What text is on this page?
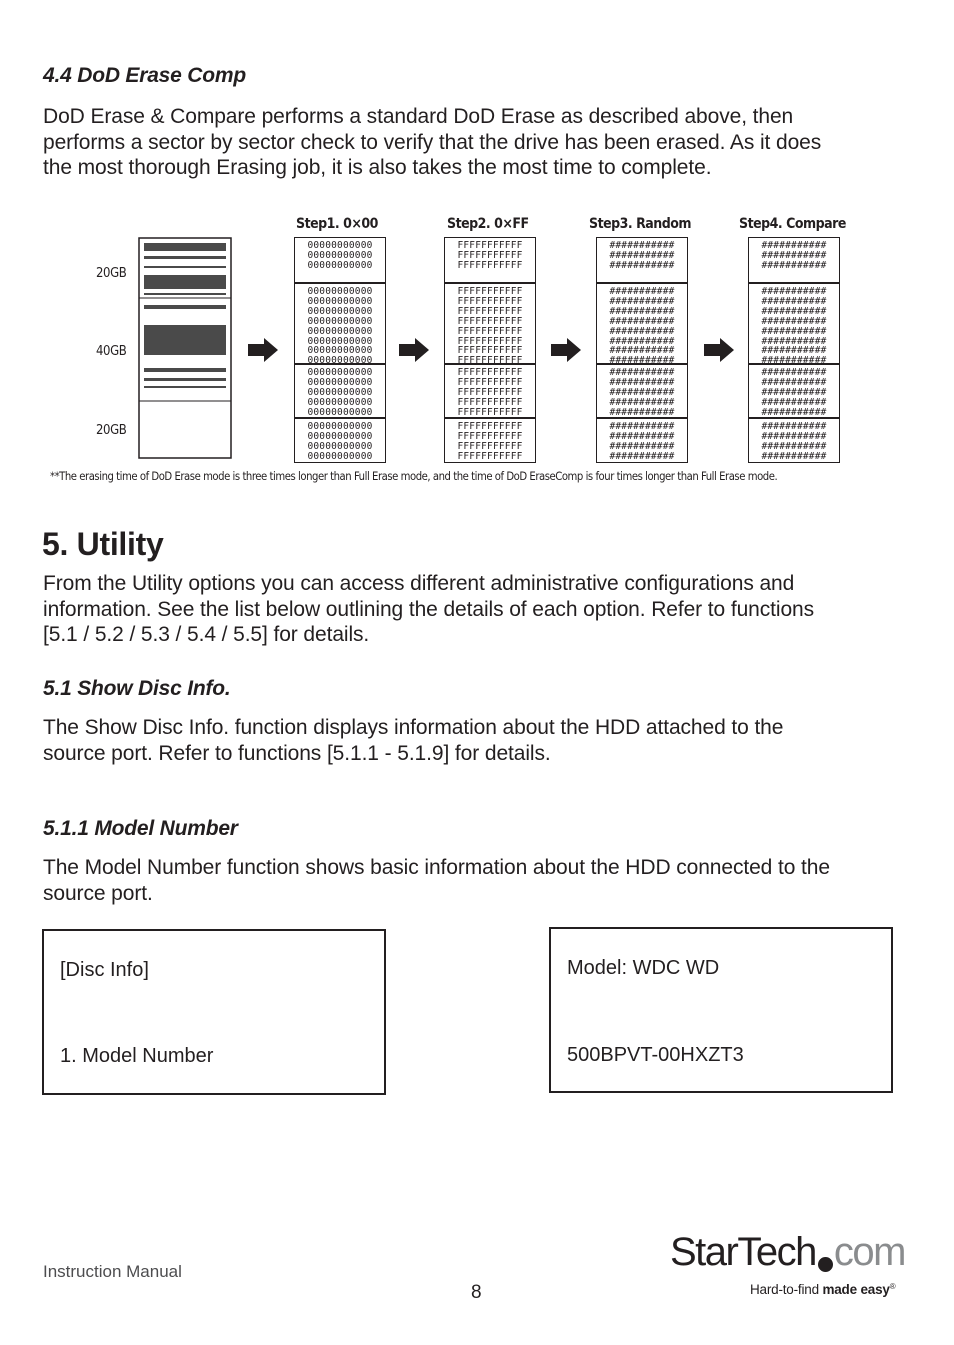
4.4 DoD Erase Comp
DoD Erase & Compare performs a standard DoD Erase as described above, then
performs a sector by sector check to verify that the drive has been erased. As it does
the most thorough Erasing job, it is also takes the most time to complete.
20GB
40GB
20GB
Step1. 0×00	Step2. 0×FF	Step3. Random	Step4. Compare
00000000000
00000000000
00000000000
00000000000
00000000000
00000000000
00000000000
00000000000
00000000000
00000000000
00000000000
00000000000
00000000000
00000000000
00000000000
00000000000
00000000000
00000000000
00000000000
00000000000
FFFFFFFFFFF
FFFFFFFFFFF
FFFFFFFFFFF
FFFFFFFFFFF
FFFFFFFFFFF
FFFFFFFFFFF
FFFFFFFFFFF
FFFFFFFFFFF
FFFFFFFFFFF
FFFFFFFFFFF
FFFFFFFFFFF
FFFFFFFFFFF
FFFFFFFFFFF
FFFFFFFFFFF
FFFFFFFFFFF
FFFFFFFFFFF
FFFFFFFFFFF
FFFFFFFFFFF
FFFFFFFFFFF
FFFFFFFFFFF
###########
###########
###########
###########
###########
###########
###########
###########
###########
###########
###########
###########
###########
###########
###########
###########
###########
###########
###########
###########
###########
###########
###########
###########
###########
###########
###########
###########
###########
###########
###########
###########
###########
###########
###########
###########
###########
###########
###########
###########
**The erasing time of DoD Erase mode is three times longer than Full Erase mode, and the time of DoD EraseComp is four times longer than Full Erase mode.
5. Utility
From the Utility options you can access different administrative configurations and
information. See the list below outlining the details of each option. Refer to functions
[5.1 / 5.2 / 5.3 / 5.4 / 5.5] for details.
5.1 Show Disc Info.
The Show Disc Info. function displays information about the HDD attached to the
source port. Refer to functions [5.1.1 - 5.1.9] for details.
5.1.1 Model Number
The Model Number function shows basic information about the HDD connected to the
source port.
[Disc Info]
1. Model Number
Model: WDC WD
500BPVT-00HXZT3
Instruction Manual
8
StarTech com
Hard-to-find made easy®
